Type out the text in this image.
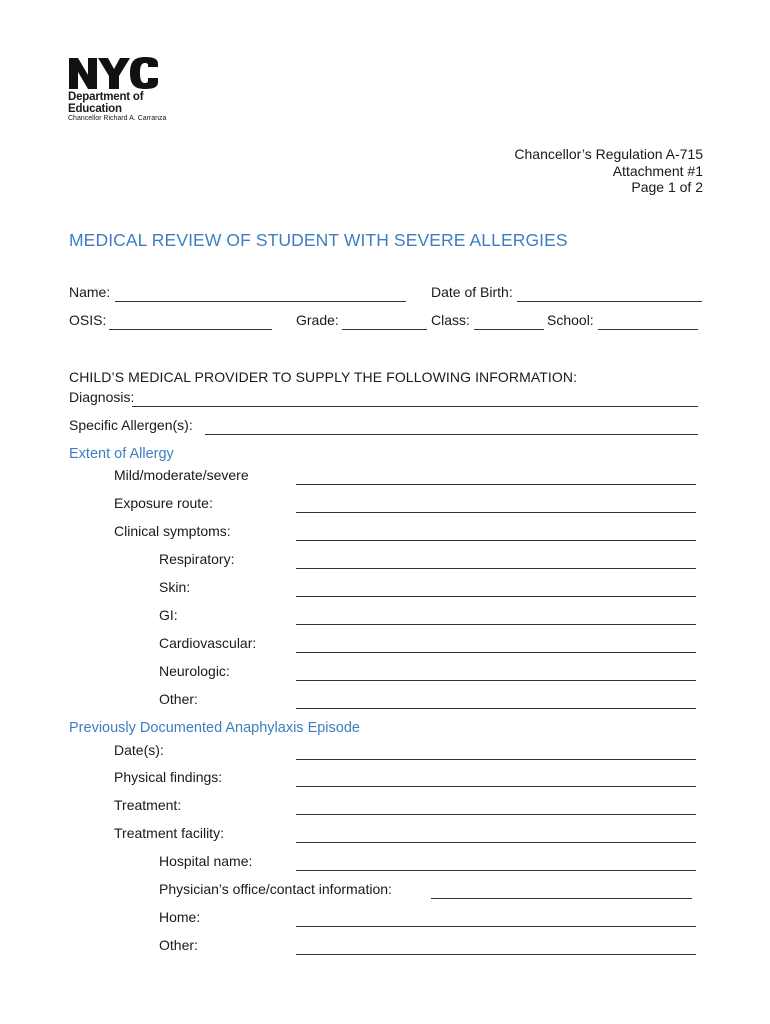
Department of
Education
Chancellor Richard A. Carranza
Chancellor’s Regulation A-715
Attachment #1
Page 1 of 2
MEDICAL REVIEW OF STUDENT WITH SEVERE ALLERGIES
Name:	Date of Birth:
OSIS:	Grade:	Class:	School:
CHILD’S MEDICAL PROVIDER TO SUPPLY THE FOLLOWING INFORMATION:
Diagnosis:
Specific Allergen(s):
Extent of Allergy
Mild/moderate/severe
Exposure route:
Clinical symptoms:
Respiratory:
Skin:
GI:
Cardiovascular:
Neurologic:
Other:
Previously Documented Anaphylaxis Episode
Date(s):
Physical findings:
Treatment:
Treatment facility:
Hospital name:
Physician’s office/contact information:
Home:
Other:
